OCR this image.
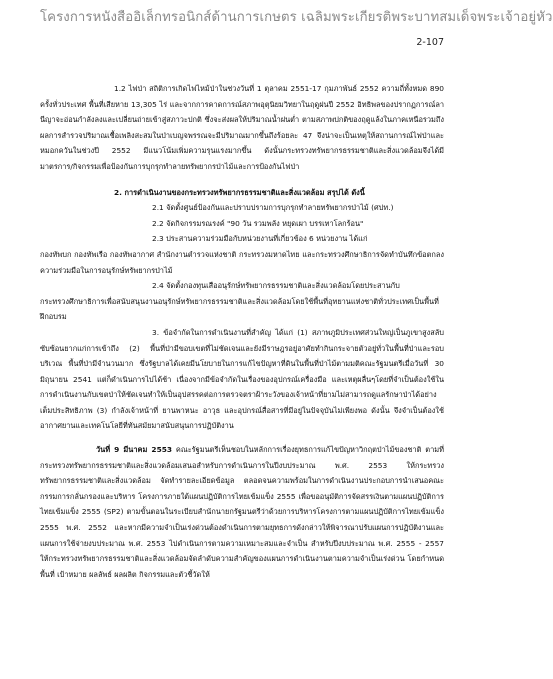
โครงการหนังสืออิเล็กทรอนิกส์ด้านการเกษตร เฉลิมพระเกียรติพระบาทสมเด็จพระเจ้าอยู่หัว
2-107

1.2 ไฟป่า สถิติการเกิดไฟไหม้ป่าในช่วงวันที่ 1 ตุลาคม 2551-17 กุมภาพันธ์ 2552 ความถี่ทั้งหมด 890 ครั้งทั่วประเทศ พื้นที่เสียหาย 13,305 ไร่ และจากการคาดการณ์สภาพอุตุนิยมวิทยาในฤดูฝนปี 2552 อิทธิพลของปรากฏการณ์ลานีญาจะอ่อนกำลังลงและเปลี่ยนถ่ายเข้าสู่สภาวะปกติ ซึ่งจะส่งผลให้ปริมาณน้ำฝนต่ำ ตามสภาพปกติของฤดูแล้งในภาคเหนือรวมถึงผลการสำรวจปริมาณเชื้อเพลิงสะสมในป่าเบญจพรรณจะมีปริมาณมากขึ้นถึงร้อยละ 47 จึงน่าจะเป็นเหตุให้สถานการณ์ไฟป่าและหมอกควันในช่วงปี 2552 มีแนวโน้มเพิ่มความรุนแรงมากขึ้น ดังนั้นกระทรวงทรัพยากรธรรมชาติและสิ่งแวดล้อมจึงได้มีมาตรการ/กิจกรรมเพื่อป้องกันการบุกรุกทำลายทรัพยากรป่าไม้และการป้องกันไฟป่า

2. การดำเนินงานของกระทรวงทรัพยากรธรรมชาติและสิ่งแวดล้อม สรุปได้ ดังนี้

2.1 จัดตั้งศูนย์ป้องกันและปราบปรามการบุกรุกทำลายทรัพยากรป่าไม้ (ศปท.)

2.2 จัดกิจกรรมรณรงค์ "90 วัน รวมพลัง หยุดเผา บรรเทาโลกร้อน"

2.3 ประสานความร่วมมือกับหน่วยงานที่เกี่ยวข้อง 6 หน่วยงาน ได้แก่

กองทัพบก กองทัพเรือ กองทัพอากาศ สำนักงานตำรวจแห่งชาติ กระทรวงมหาดไทย และกระทรวงศึกษาธิการจัดทำบันทึกข้อตกลงความร่วมมือในการอนุรักษ์ทรัพยากรป่าไม้

2.4 จัดตั้งกองทุนเสืออนุรักษ์ทรัพยากรธรรมชาติและสิ่งแวดล้อมโดยประสานกับ

กระทรวงศึกษาธิการเพื่อสนับสนุนงานอนุรักษ์ทรัพยากรธรรมชาติและสิ่งแวดล้อมโดยใช้พื้นที่อุทยานแห่งชาติทั่วประเทศเป็นพื้นที่ฝึกอบรม

3. ข้อจำกัดในการดำเนินงานที่สำคัญ ได้แก่ (1) สภาพภูมิประเทศส่วนใหญ่เป็นภูเขาสูงสลับซับซ้อนยากแก่การเข้าถึง (2) พื้นที่ป่ามีขอบเขตที่ไม่ชัดเจนและยังมีราษฎรอยู่อาศัยทำกินกระจายตัวอยู่ทั่วในพื้นที่ป่าและรอบบริเวณ พื้นที่ป่ามีจำนวนมาก ซึ่งรัฐบาลได้เคยมีนโยบายในการแก้ไขปัญหาที่ดินในพื้นที่ป่าไม้ตามมติคณะรัฐมนตรีเมื่อวันที่ 30 มิถุนายน 2541 แต่ก็ดำเนินการไปได้ช้า เนื่องจากมีข้อจำกัดในเรื่องของอุปกรณ์เครื่องมือ และเหตุผลื่นๆโดยที่จำเป็นต้องใช้ในการดำเนินงานกับเขตป่าให้ชัดเจนทำให้เป็นอุปสรรคต่อการตรวจตราฝ้าระวังของเจ้าหน้าที่ยามไม่สามารถดูแลรักษาป่าได้อย่างเต็มประสิทธิภาพ (3) กำลังเจ้าหน้าที่ ยานพาหนะ อาวุธ และอุปกรณ์สื่อสารที่มีอยู่ในปัจจุบันไม่เพียงพอ ดังนั้น จึงจำเป็นต้องใช้อากาศยานและเทคโนโลยีที่ทันสมัยมาสนับสนุนการปฏิบัติงาน

วันที่ 9 มีนาคม 2553 คณะรัฐมนตรีเห็นชอบในหลักการเรื่องยุทธการแก้ไขปัญหาวิกฤตป่าไม้ของชาติ ตามที่กระทรวงทรัพยากรธรรมชาติและสิ่งแวดล้อมเสนอสำหรับการดำเนินการในปีงบประมาณ พ.ศ. 2553 ให้กระทรวงทรัพยากรธรรมชาติและสิ่งแวดล้อม จัดทำรายละเอียดข้อมูล ตลอดจนความพร้อมในการดำเนินงานประกอบการนำเสนอคณะกรรมการกลั่นกรองและบริหาร โครงการภายใต้แผนปฏิบัติการไทยเข้มแข็ง 2555 เพื่อขออนุมัติการจัดสรรเงินตามแผนปฏิบัติการไทยเข้มแข็ง 2555 (SP2) ตามขั้นตอนในระเบียบสำนักนายกรัฐมนตรีว่าด้วยการบริหารโครงการตามแผนปฏิบัติการไทยเข้มแข็ง 2555 พ.ศ. 2552 และหากมีความจำเป็นเร่งด่วนต้องดำเนินการตามยุทธการดังกล่าวให้พิจารณาปรับแผนการปฏิบัติงานและแผนการใช้จ่ายงบประมาณ พ.ศ. 2553 ไปดำเนินการตามความเหมาะสมและจำเป็น สำหรับปีงบประมาณ พ.ศ. 2555 - 2557 ให้กระทรวงทรัพยากรธรรมชาติและสิ่งแวดล้อมจัดลำดับความสำคัญของแผนการดำเนินงานตามความจำเป็นเร่งด่วน โดยกำหนดพื้นที่ เป้าหมาย ผลลัพธ์ ผลผลิต กิจกรรมและตัวชี้วัดให้
